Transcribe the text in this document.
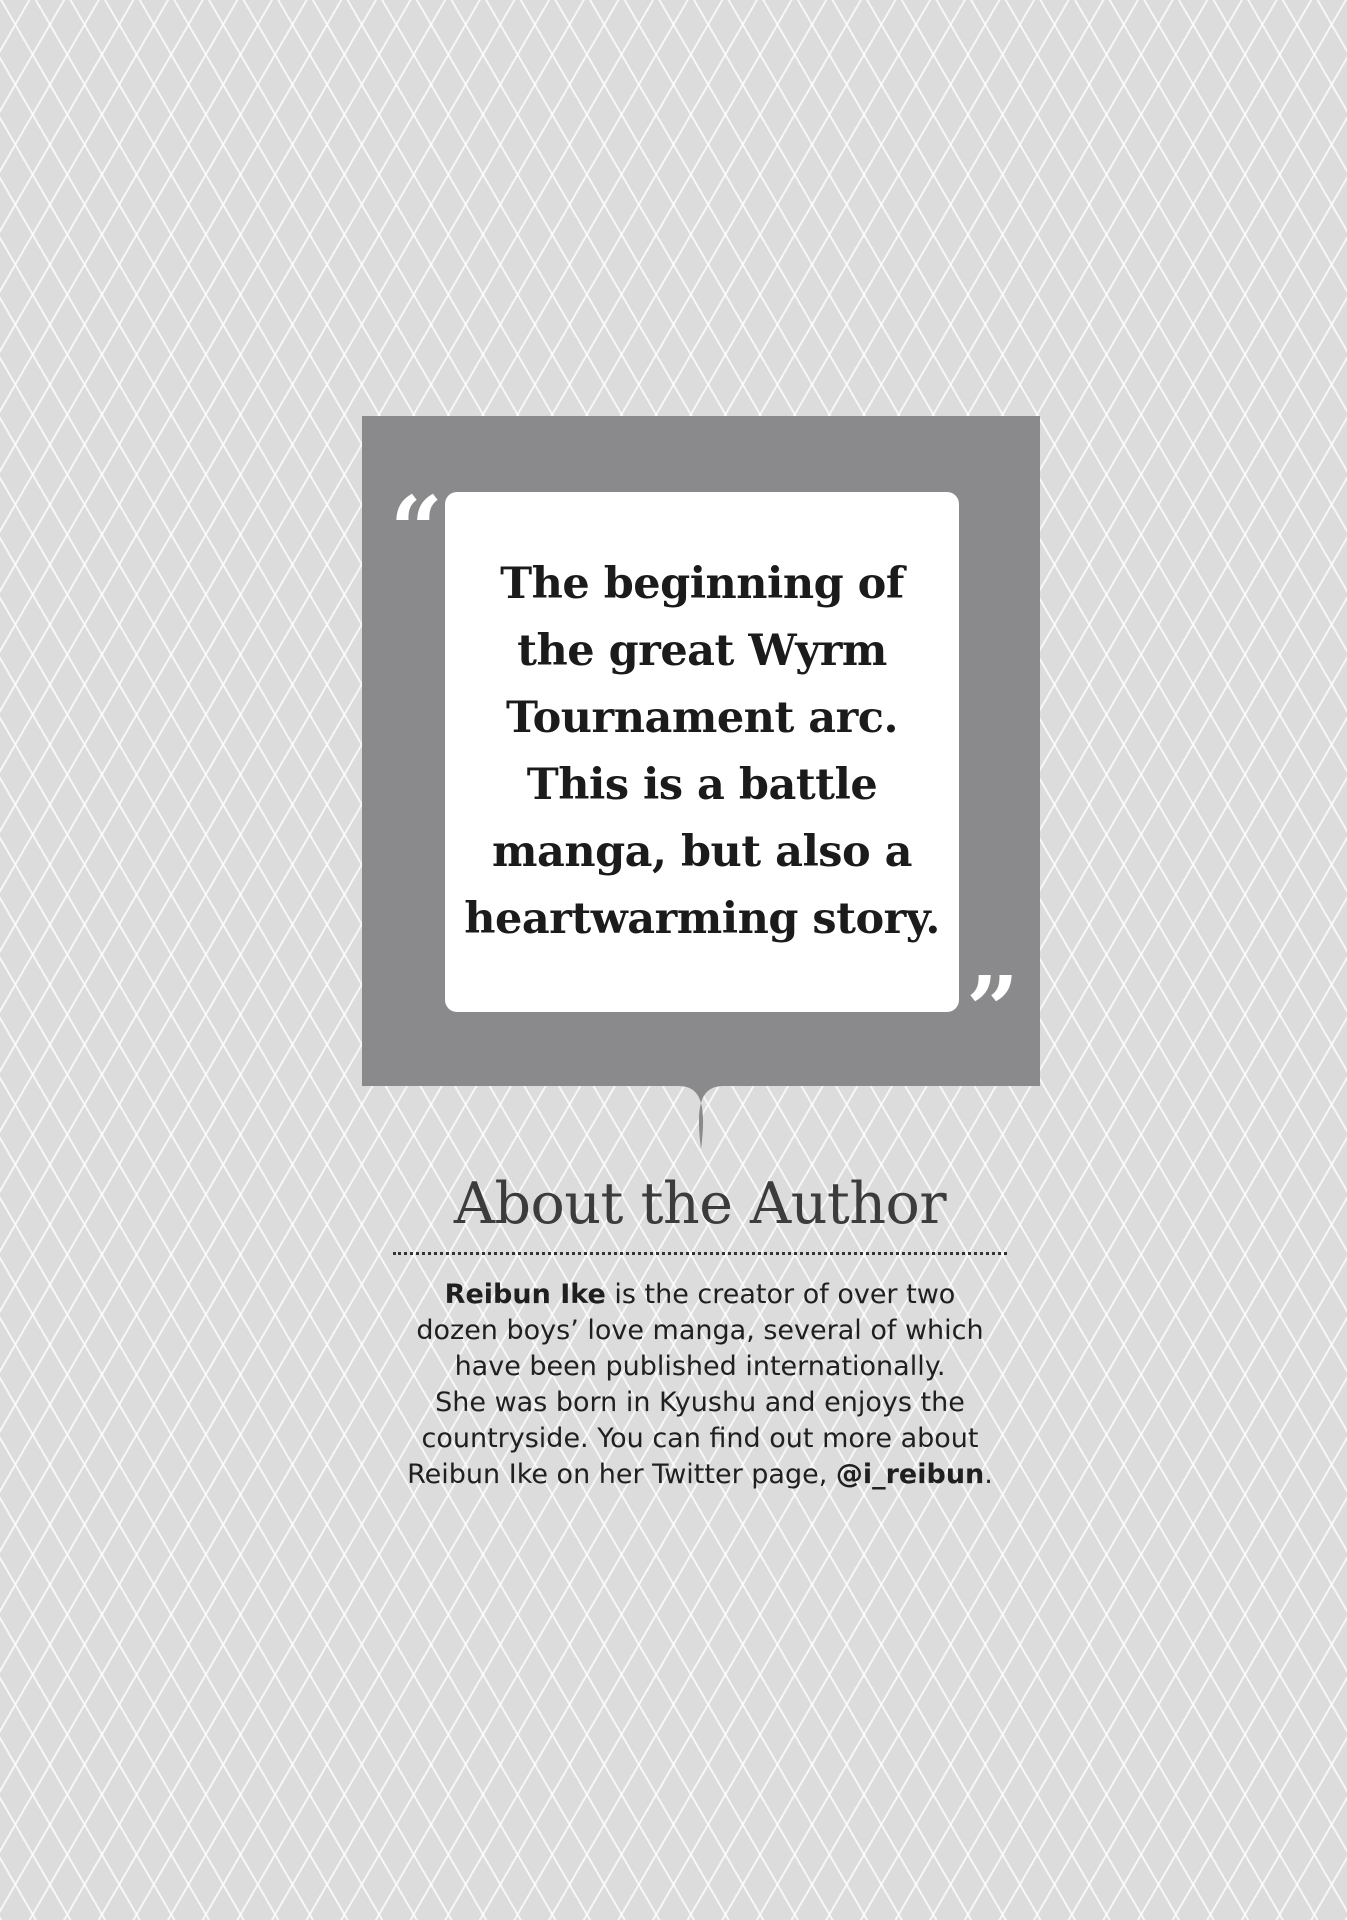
“	The beginning of
the great Wyrm
Tournament arc.
This is a battle
manga, but also a
heartwarming story.

”
About the Author

Reibun Ike is the creator of over two
dozen boys’ love manga, several of which
have been published internationally.
She was born in Kyushu and enjoys the
countryside. You can find out more about
Reibun Ike on her Twitter page, @i_reibun.
